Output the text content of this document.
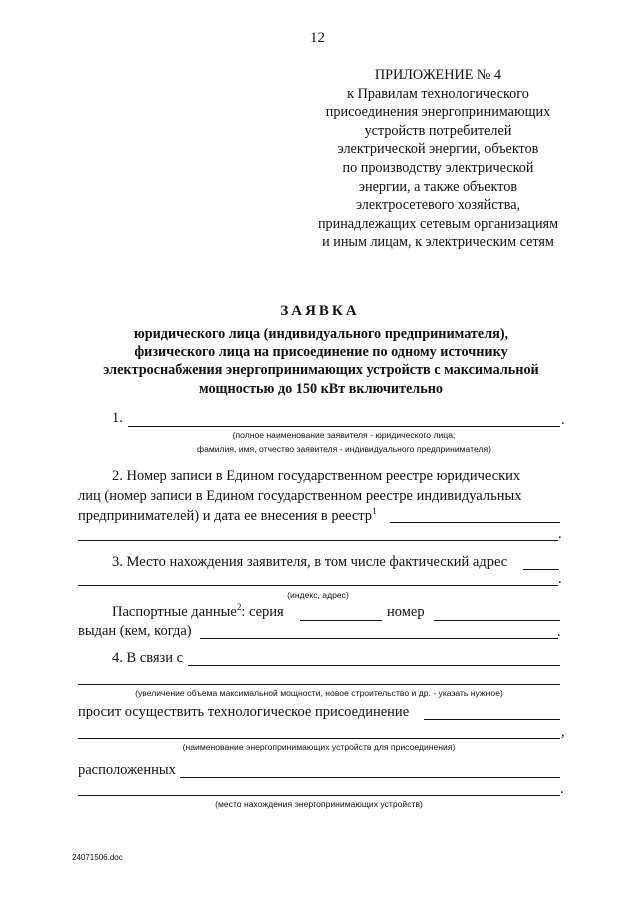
12
ПРИЛОЖЕНИЕ № 4
к Правилам технологического
присоединения энергопринимающих
устройств потребителей
электрической энергии, объектов
по производству электрической
энергии, а также объектов
электросетевого хозяйства,
принадлежащих сетевым организациям
и иным лицам, к электрическим сетям
ЗАЯВКА
юридического лица (индивидуального предпринимателя),
физического лица на присоединение по одному источнику
электроснабжения энергопринимающих устройств с максимальной
мощностью до 150 кВт включительно
1.	.
(полное наименование заявителя - юридического лица;
фамилия, имя, отчество заявителя - индивидуального предпринимателя)
2. Номер записи в Едином государственном реестре юридических
лиц (номер записи в Едином государственном реестре индивидуальных
предпринимателей) и дата ее внесения в реестр$^1$
.
3. Место нахождения заявителя, в том числе фактический адрес
.
(индекс, адрес)
Паспортные данные$^2$: серия	номер
выдан (кем, когда)	.
4. В связи с
(увеличение объема максимальной мощности, новое строительство и др. - указать нужное)
просит осуществить технологическое присоединение
,
(наименование энергопринимающих устройств для присоединения)
расположенных
.
(место нахождения энергопринимающих устройств)
24071506.doc
